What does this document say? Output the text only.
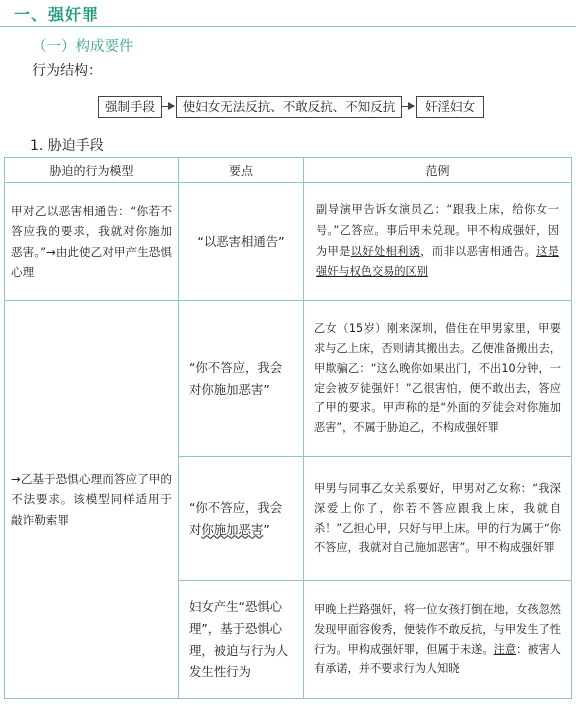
一、强奸罪
（一）构成要件
行为结构：
强制手段	使妇女无法反抗、不敢反抗、不知反抗	奸淫妇女
1. 胁迫手段
胁迫的行为模型	要点	范例
甲对乙以恶害相通告：“你若不答应我的要求，我就对你施加恶害。”→由此使乙对甲产生恐惧心理	“以恶害相通告”	副导演甲告诉女演员乙：“跟我上床，给你女一号。”乙答应。事后甲未兑现。甲不构成强奸，因为甲是以好处相利诱，而非以恶害相通告。这是强奸与权色交易的区别
→乙基于恐惧心理而答应了甲的不法要求。该模型同样适用于敲诈勒索罪	“你不答应，我会对你施加恶害”	乙女（15岁）刚来深圳，借住在甲男家里，甲要求与乙上床，否则请其搬出去。乙便准备搬出去，甲欺骗乙：“这么晚你如果出门，不出10分钟，一定会被歹徒强奸！”乙很害怕，便不敢出去，答应了甲的要求。甲声称的是“外面的歹徒会对你施加恶害”，不属于胁迫乙，不构成强奸罪
	“你不答应，我会对你施加恶害”	甲男与同事乙女关系要好，甲男对乙女称：“我深深爱上你了，你若不答应跟我上床，我就自杀！”乙担心甲，只好与甲上床。甲的行为属于“你不答应，我就对自己施加恶害”。甲不构成强奸罪
	妇女产生“恐惧心理”，基于恐惧心理，被迫与行为人发生性行为	甲晚上拦路强奸，将一位女孩打倒在地，女孩忽然发现甲面容俊秀，便装作不敢反抗，与甲发生了性行为。甲构成强奸罪，但属于未遂。注意：被害人有承诺，并不要求行为人知晓
